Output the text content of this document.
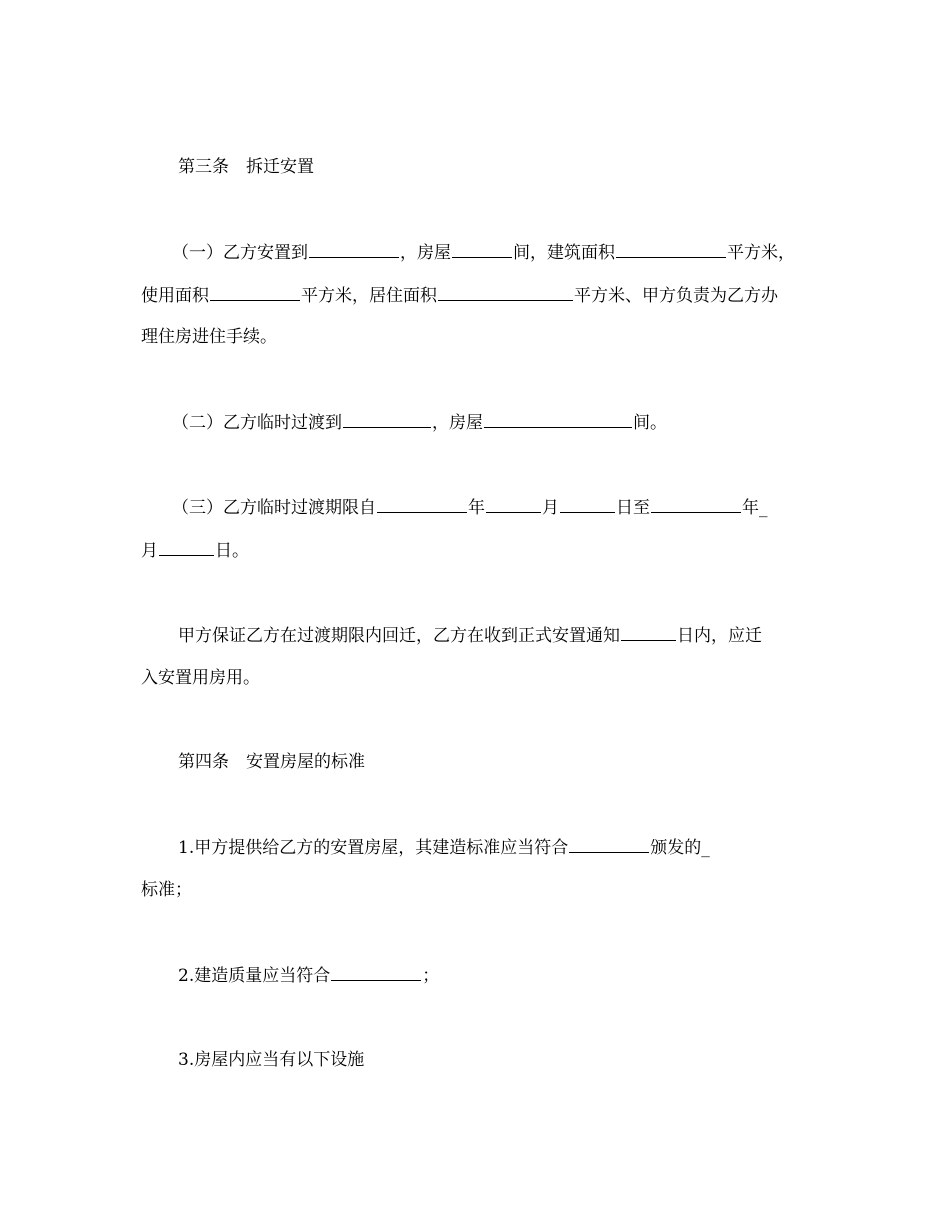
第三条　拆迁安置
（一）乙方安置到	，房屋	间，建筑面积	平方米，
使用面积	平方米，居住面积	平方米、甲方负责为乙方办
理住房进住手续。
（二）乙方临时过渡到	，房屋	间。
（三）乙方临时过渡期限自	年	月	日至	年_
月	日。
甲方保证乙方在过渡期限内回迁，乙方在收到正式安置通知	日内，应迁
入安置用房用。
第四条　安置房屋的标准
1.甲方提供给乙方的安置房屋，其建造标准应当符合	颁发的_
标准；
2.建造质量应当符合	；
3.房屋内应当有以下设施
